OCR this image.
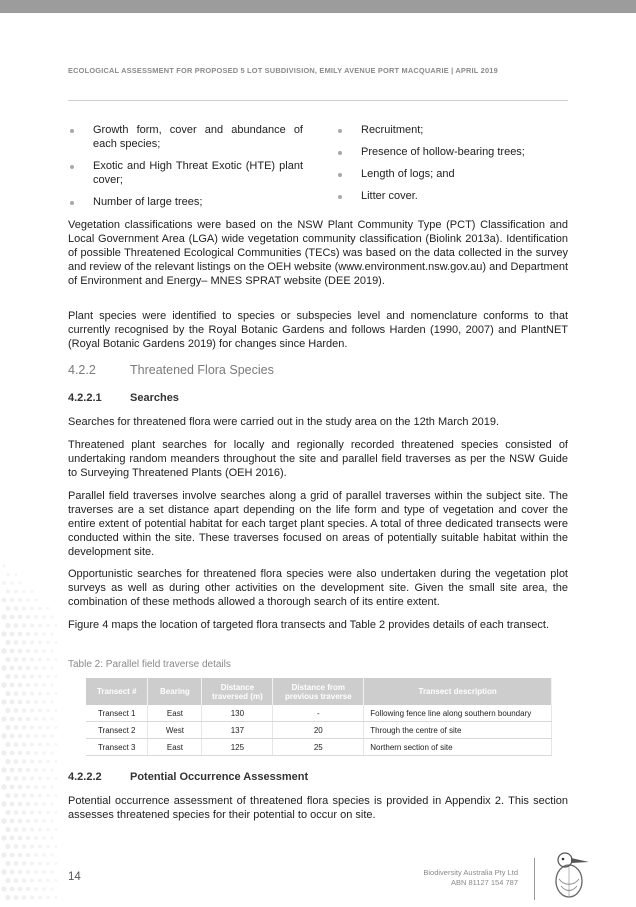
ECOLOGICAL ASSESSMENT FOR PROPOSED 5 LOT SUBDIVISION, EMILY AVENUE PORT MACQUARIE | APRIL 2019
Growth form, cover and abundance of each species;
Exotic and High Threat Exotic (HTE) plant cover;
Number of large trees;
Recruitment;
Presence of hollow-bearing trees;
Length of logs; and
Litter cover.

Vegetation classifications were based on the NSW Plant Community Type (PCT) Classification and Local Government Area (LGA) wide vegetation community classification (Biolink 2013a). Identification of possible Threatened Ecological Communities (TECs) was based on the data collected in the survey and review of the relevant listings on the OEH website (www.environment.nsw.gov.au) and Department of Environment and Energy– MNES SPRAT website (DEE 2019).

Plant species were identified to species or subspecies level and nomenclature conforms to that currently recognised by the Royal Botanic Gardens and follows Harden (1990, 2007) and PlantNET (Royal Botanic Gardens 2019) for changes since Harden.

4.2.2	Threatened Flora Species
4.2.2.1	Searches

Searches for threatened flora were carried out in the study area on the 12th March 2019.

Threatened plant searches for locally and regionally recorded threatened species consisted of undertaking random meanders throughout the site and parallel field traverses as per the NSW Guide to Surveying Threatened Plants (OEH 2016).

Parallel field traverses involve searches along a grid of parallel traverses within the subject site. The traverses are a set distance apart depending on the life form and type of vegetation and cover the entire extent of potential habitat for each target plant species. A total of three dedicated transects were conducted within the site. These traverses focused on areas of potentially suitable habitat within the development site.

Opportunistic searches for threatened flora species were also undertaken during the vegetation plot surveys as well as during other activities on the development site. Given the small site area, the combination of these methods allowed a thorough search of its entire extent.

Figure 4 maps the location of targeted flora transects and Table 2 provides details of each transect.

Table 2: Parallel field traverse details
Transect #	Bearing	Distance traversed (m)	Distance from previous traverse	Transect description
Transect 1	East	130	-	Following fence line along southern boundary
Transect 2	West	137	20	Through the centre of site
Transect 3	East	125	25	Northern section of site
4.2.2.2	Potential Occurrence Assessment

Potential occurrence assessment of threatened flora species is provided in Appendix 2. This section assesses threatened species for their potential to occur on site.

14	Biodiversity Australia Pty Ltd
ABN 81127 154 787
